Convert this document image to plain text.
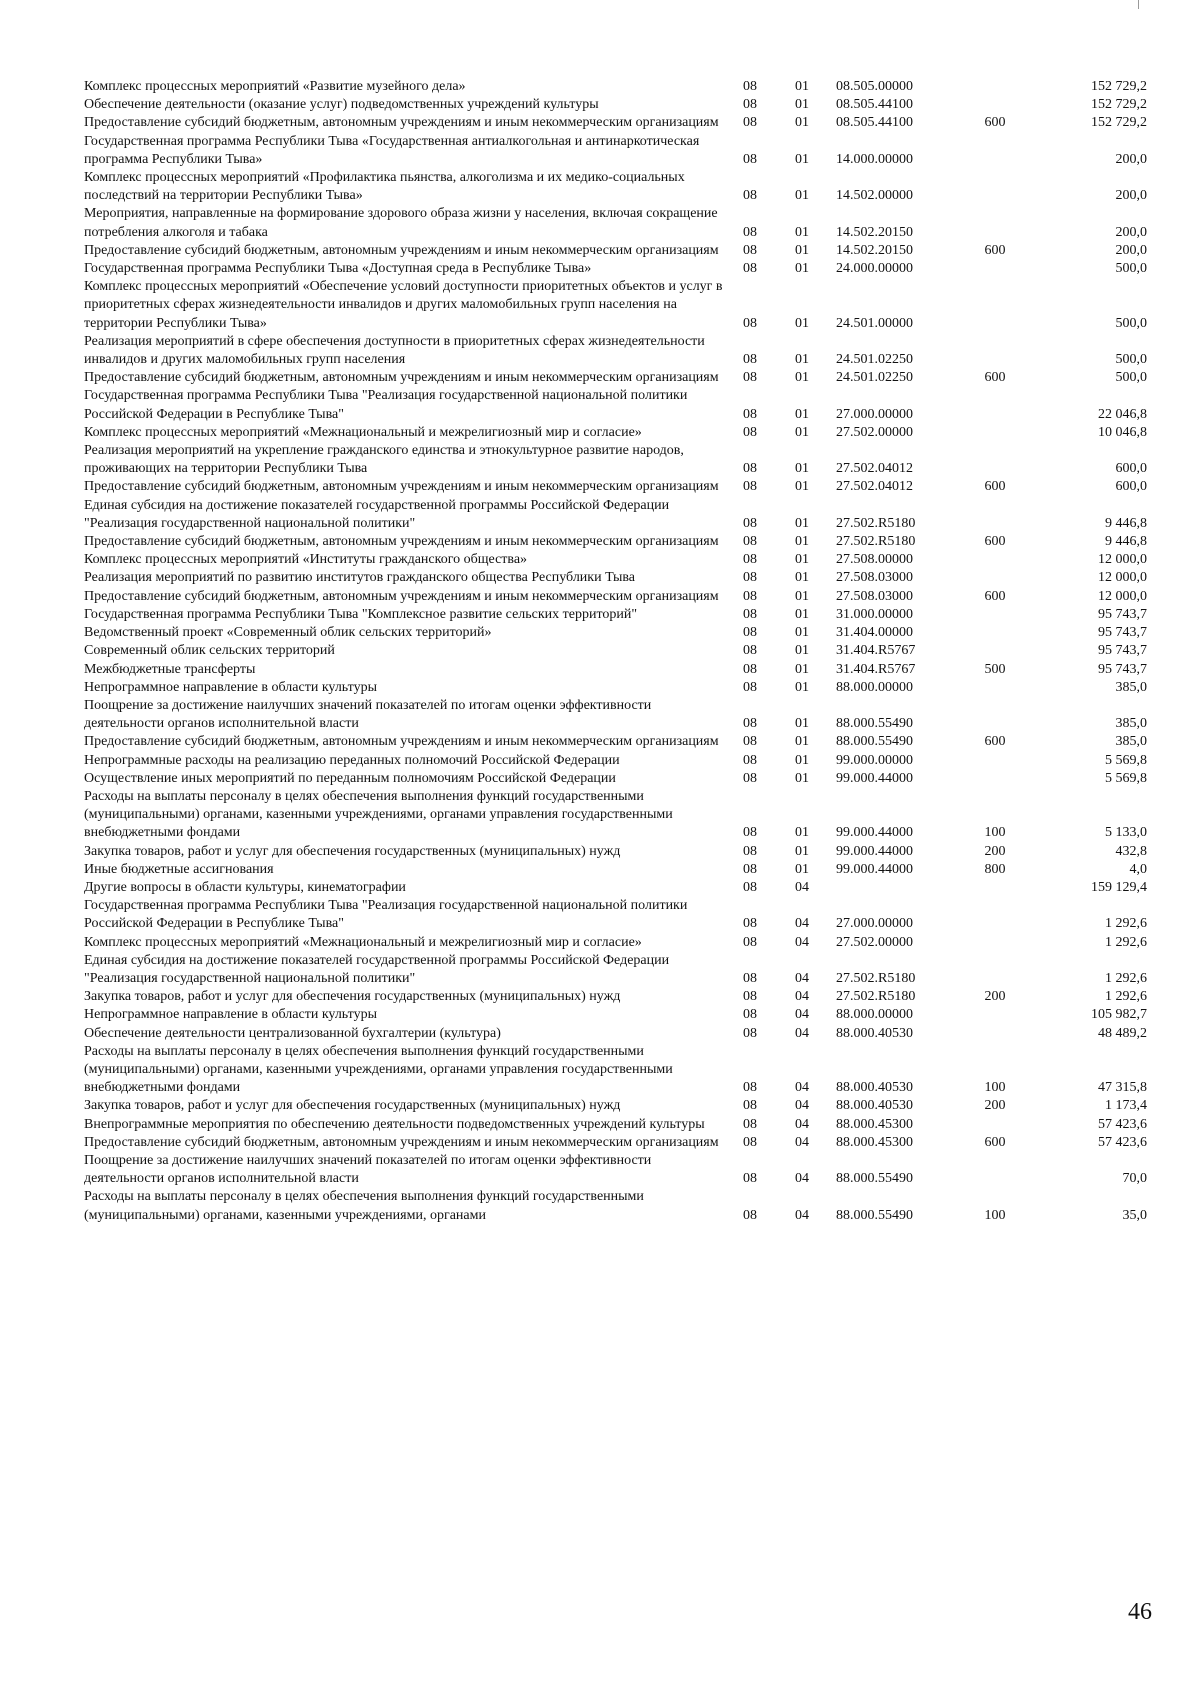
Комплекс процессных мероприятий «Развитие музейного дела»	08	01	08.505.00000		152 729,2
Обеспечение деятельности (оказание услуг) подведомственных учреждений культуры	08	01	08.505.44100		152 729,2
Предоставление субсидий бюджетным, автономным учреждениям и иным некоммерческим организациям	08	01	08.505.44100	600	152 729,2
Государственная программа Республики Тыва «Государственная антиалкогольная и антинаркотическая программа Республики Тыва»	08	01	14.000.00000		200,0
Комплекс процессных мероприятий «Профилактика пьянства, алкоголизма и их медико-социальных последствий на территории Республики Тыва»	08	01	14.502.00000		200,0
Мероприятия, направленные на формирование здорового образа жизни у населения, включая сокращение потребления алкоголя и табака	08	01	14.502.20150		200,0
Предоставление субсидий бюджетным, автономным учреждениям и иным некоммерческим организациям	08	01	14.502.20150	600	200,0
Государственная программа Республики Тыва «Доступная среда в Республике Тыва»	08	01	24.000.00000		500,0
Комплекс процессных мероприятий «Обеспечение условий доступности приоритетных объектов и услуг в приоритетных сферах жизнедеятельности инвалидов и других маломобильных групп населения на территории Республики Тыва»	08	01	24.501.00000		500,0
Реализация мероприятий в сфере обеспечения доступности в приоритетных сферах жизнедеятельности инвалидов и других маломобильных групп населения	08	01	24.501.02250		500,0
Предоставление субсидий бюджетным, автономным учреждениям и иным некоммерческим организациям	08	01	24.501.02250	600	500,0
Государственная программа Республики Тыва "Реализация государственной национальной политики Российской Федерации в Республике Тыва"	08	01	27.000.00000		22 046,8
Комплекс процессных мероприятий «Межнациональный и межрелигиозный мир и согласие»	08	01	27.502.00000		10 046,8
Реализация мероприятий на укрепление гражданского единства и этнокультурное развитие народов, проживающих на территории Республики Тыва	08	01	27.502.04012		600,0
Предоставление субсидий бюджетным, автономным учреждениям и иным некоммерческим организациям	08	01	27.502.04012	600	600,0
Единая субсидия на достижение показателей государственной программы Российской Федерации "Реализация государственной национальной политики"	08	01	27.502.R5180		9 446,8
Предоставление субсидий бюджетным, автономным учреждениям и иным некоммерческим организациям	08	01	27.502.R5180	600	9 446,8
Комплекс процессных мероприятий «Институты гражданского общества»	08	01	27.508.00000		12 000,0
Реализация мероприятий по развитию институтов гражданского общества Республики Тыва	08	01	27.508.03000		12 000,0
Предоставление субсидий бюджетным, автономным учреждениям и иным некоммерческим организациям	08	01	27.508.03000	600	12 000,0
Государственная программа Республики Тыва "Комплексное развитие сельских территорий"	08	01	31.000.00000		95 743,7
Ведомственный проект «Современный облик сельских территорий»	08	01	31.404.00000		95 743,7
Современный облик сельских территорий	08	01	31.404.R5767		95 743,7
Межбюджетные трансферты	08	01	31.404.R5767	500	95 743,7
Непрограммное направление в области культуры	08	01	88.000.00000		385,0
Поощрение за достижение наилучших значений показателей по итогам оценки эффективности деятельности органов исполнительной власти	08	01	88.000.55490		385,0
Предоставление субсидий бюджетным, автономным учреждениям и иным некоммерческим организациям	08	01	88.000.55490	600	385,0
Непрограммные расходы на реализацию переданных полномочий Российской Федерации	08	01	99.000.00000		5 569,8
Осуществление иных мероприятий по переданным полномочиям Российской Федерации	08	01	99.000.44000		5 569,8
Расходы на выплаты персоналу в целях обеспечения выполнения функций государственными (муниципальными) органами, казенными учреждениями, органами управления государственными внебюджетными фондами	08	01	99.000.44000	100	5 133,0
Закупка товаров, работ и услуг для обеспечения государственных (муниципальных) нужд	08	01	99.000.44000	200	432,8
Иные бюджетные ассигнования	08	01	99.000.44000	800	4,0
Другие вопросы в области культуры, кинематографии	08	04			159 129,4
Государственная программа Республики Тыва "Реализация государственной национальной политики Российской Федерации в Республике Тыва"	08	04	27.000.00000		1 292,6
Комплекс процессных мероприятий «Межнациональный и межрелигиозный мир и согласие»	08	04	27.502.00000		1 292,6
Единая субсидия на достижение показателей государственной программы Российской Федерации "Реализация государственной национальной политики"	08	04	27.502.R5180		1 292,6
Закупка товаров, работ и услуг для обеспечения государственных (муниципальных) нужд	08	04	27.502.R5180	200	1 292,6
Непрограммное направление в области культуры	08	04	88.000.00000		105 982,7
Обеспечение деятельности централизованной бухгалтерии (культура)	08	04	88.000.40530		48 489,2
Расходы на выплаты персоналу в целях обеспечения выполнения функций государственными (муниципальными) органами, казенными учреждениями, органами управления государственными внебюджетными фондами	08	04	88.000.40530	100	47 315,8
Закупка товаров, работ и услуг для обеспечения государственных (муниципальных) нужд	08	04	88.000.40530	200	1 173,4
Внепрограммные мероприятия по обеспечению деятельности подведомственных учреждений культуры	08	04	88.000.45300		57 423,6
Предоставление субсидий бюджетным, автономным учреждениям и иным некоммерческим организациям	08	04	88.000.45300	600	57 423,6
Поощрение за достижение наилучших значений показателей по итогам оценки эффективности деятельности органов исполнительной власти	08	04	88.000.55490		70,0
Расходы на выплаты персоналу в целях обеспечения выполнения функций государственными (муниципальными) органами, казенными учреждениями, органами	08	04	88.000.55490	100	35,0
46
